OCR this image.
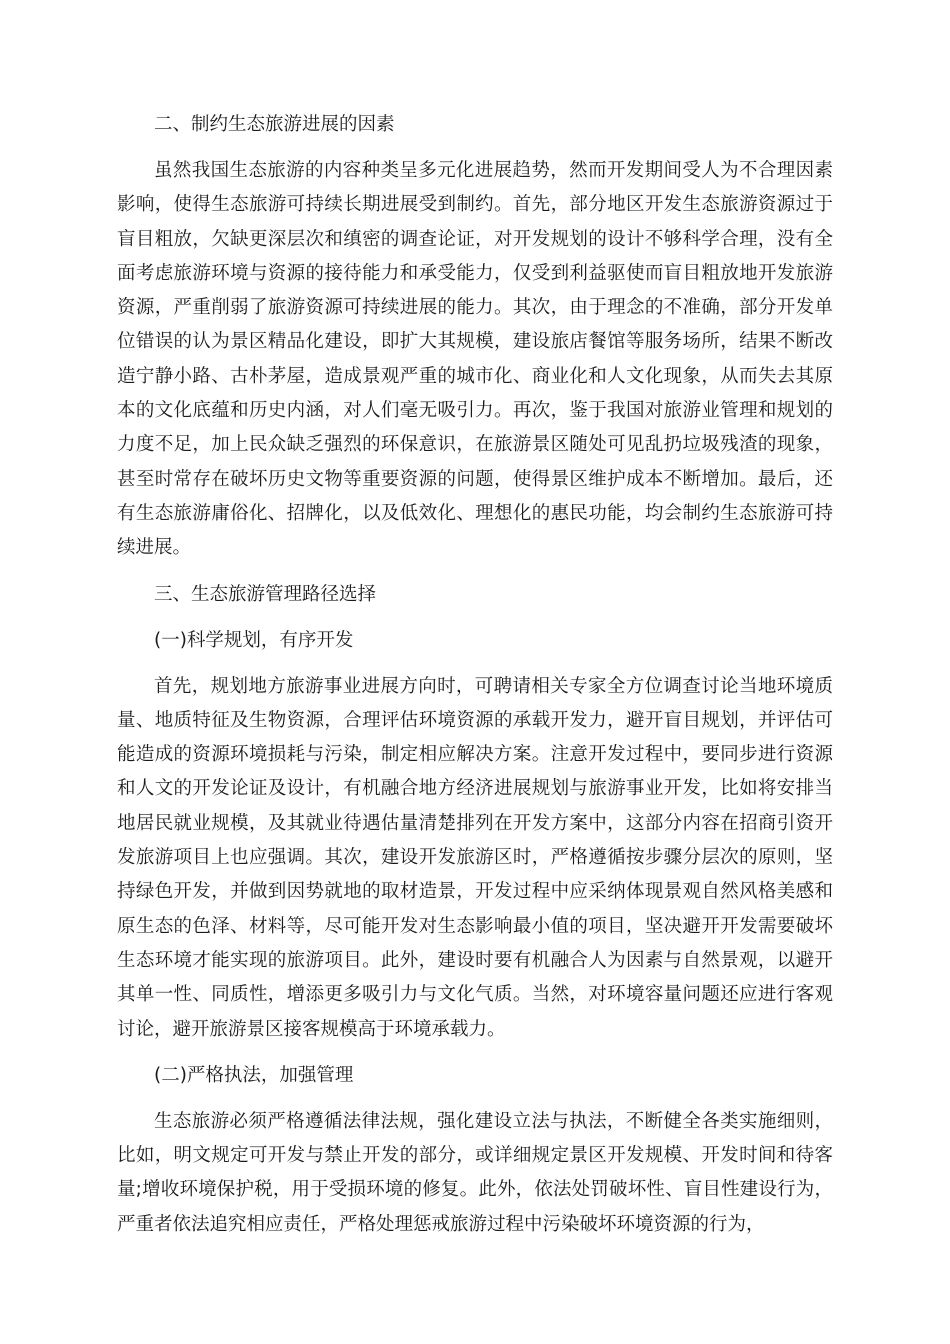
二、制约生态旅游进展的因素

虽然我国生态旅游的内容种类呈多元化进展趋势，然而开发期间受人为不合理因素影响，使得生态旅游可持续长期进展受到制约。首先，部分地区开发生态旅游资源过于盲目粗放，欠缺更深层次和缜密的调查论证，对开发规划的设计不够科学合理，没有全面考虑旅游环境与资源的接待能力和承受能力，仅受到利益驱使而盲目粗放地开发旅游资源，严重削弱了旅游资源可持续进展的能力。其次，由于理念的不准确，部分开发单位错误的认为景区精品化建设，即扩大其规模，建设旅店餐馆等服务场所，结果不断改造宁静小路、古朴茅屋，造成景观严重的城市化、商业化和人文化现象，从而失去其原本的文化底蕴和历史内涵，对人们毫无吸引力。再次，鉴于我国对旅游业管理和规划的力度不足，加上民众缺乏强烈的环保意识，在旅游景区随处可见乱扔垃圾残渣的现象，甚至时常存在破坏历史文物等重要资源的问题，使得景区维护成本不断增加。最后，还有生态旅游庸俗化、招牌化，以及低效化、理想化的惠民功能，均会制约生态旅游可持续进展。

三、生态旅游管理路径选择

(一)科学规划，有序开发

首先，规划地方旅游事业进展方向时，可聘请相关专家全方位调查讨论当地环境质量、地质特征及生物资源，合理评估环境资源的承载开发力，避开盲目规划，并评估可能造成的资源环境损耗与污染，制定相应解决方案。注意开发过程中，要同步进行资源和人文的开发论证及设计，有机融合地方经济进展规划与旅游事业开发，比如将安排当地居民就业规模，及其就业待遇估量清楚排列在开发方案中，这部分内容在招商引资开发旅游项目上也应强调。其次，建设开发旅游区时，严格遵循按步骤分层次的原则，坚持绿色开发，并做到因势就地的取材造景，开发过程中应采纳体现景观自然风格美感和原生态的色泽、材料等，尽可能开发对生态影响最小值的项目，坚决避开开发需要破坏生态环境才能实现的旅游项目。此外，建设时要有机融合人为因素与自然景观，以避开其单一性、同质性，增添更多吸引力与文化气质。当然，对环境容量问题还应进行客观讨论，避开旅游景区接客规模高于环境承载力。

(二)严格执法，加强管理

生态旅游必须严格遵循法律法规，强化建设立法与执法，不断健全各类实施细则，比如，明文规定可开发与禁止开发的部分，或详细规定景区开发规模、开发时间和待客量;增收环境保护税，用于受损环境的修复。此外，依法处罚破坏性、盲目性建设行为，严重者依法追究相应责任，严格处理惩戒旅游过程中污染破坏环境资源的行为，
